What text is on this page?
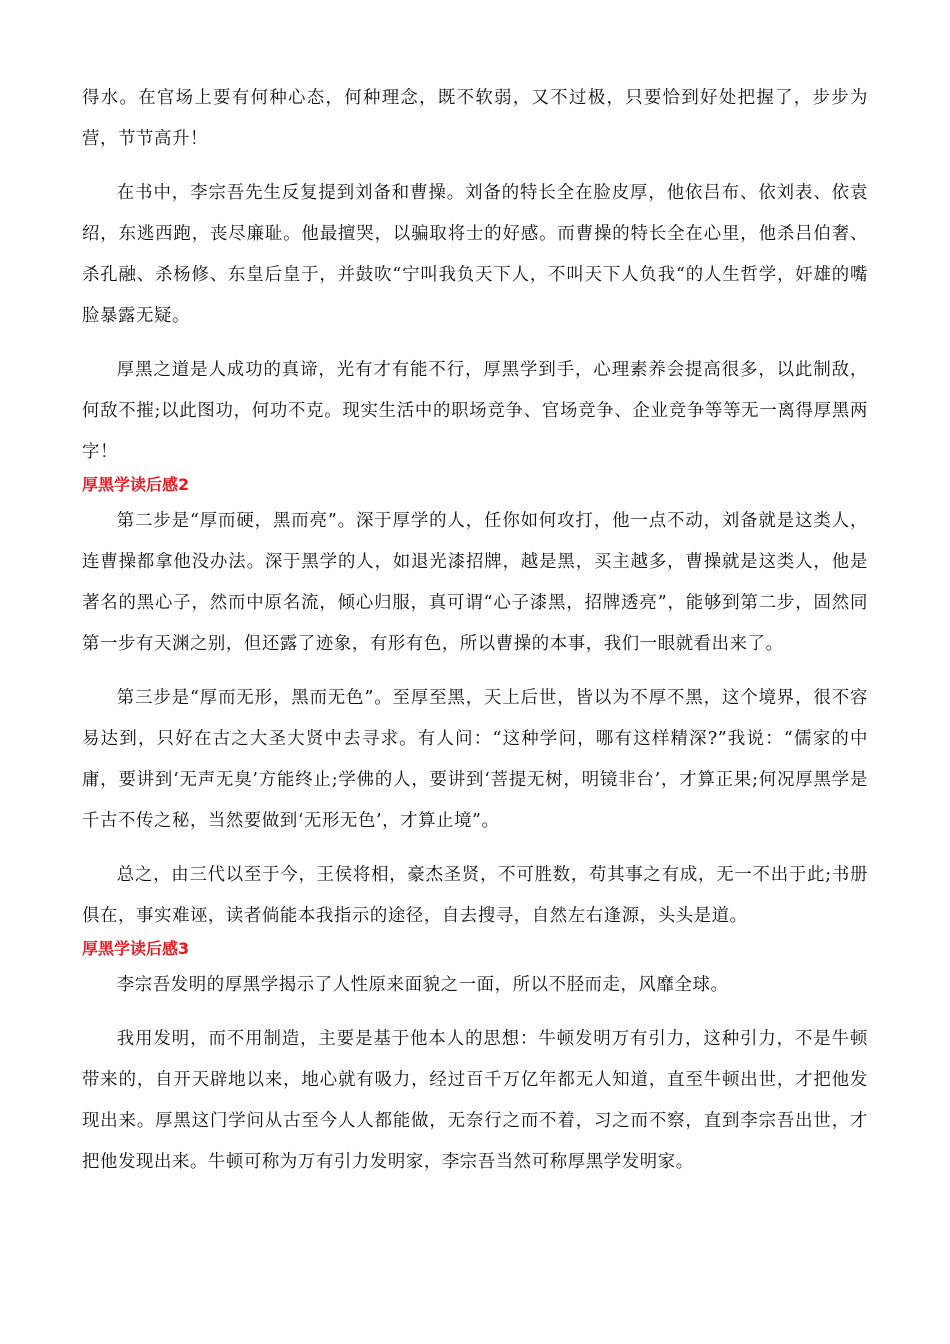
得水。在官场上要有何种心态，何种理念，既不软弱，又不过极，只要恰到好处把握了，步步为营，节节高升！

在书中，李宗吾先生反复提到刘备和曹操。刘备的特长全在脸皮厚，他依吕布、依刘表、依袁绍，东逃西跑，丧尽廉耻。他最擅哭，以骗取将士的好感。而曹操的特长全在心里，他杀吕伯奢、杀孔融、杀杨修、东皇后皇于，并鼓吹“宁叫我负天下人，不叫天下人负我“的人生哲学，奸雄的嘴脸暴露无疑。

厚黑之道是人成功的真谛，光有才有能不行，厚黑学到手，心理素养会提高很多，以此制敌，何敌不摧;以此图功，何功不克。现实生活中的职场竞争、官场竞争、企业竞争等等无一离得厚黑两字！

厚黑学读后感2

第二步是“厚而硬，黑而亮”。深于厚学的人，任你如何攻打，他一点不动，刘备就是这类人，连曹操都拿他没办法。深于黑学的人，如退光漆招牌，越是黑，买主越多，曹操就是这类人，他是著名的黑心子，然而中原名流，倾心归服，真可谓“心子漆黑，招牌透亮”，能够到第二步，固然同第一步有天渊之别，但还露了迹象，有形有色，所以曹操的本事，我们一眼就看出来了。

第三步是“厚而无形，黑而无色”。至厚至黑，天上后世，皆以为不厚不黑，这个境界，很不容易达到，只好在古之大圣大贤中去寻求。有人问：“这种学问，哪有这样精深?”我说：“儒家的中庸，要讲到‘无声无臭’方能终止;学佛的人，要讲到‘菩提无树，明镜非台’，才算正果;何况厚黑学是千古不传之秘，当然要做到‘无形无色’，才算止境”。

总之，由三代以至于今，王侯将相，豪杰圣贤，不可胜数，苟其事之有成，无一不出于此;书册俱在，事实难诬，读者倘能本我指示的途径，自去搜寻，自然左右逢源，头头是道。

厚黑学读后感3

李宗吾发明的厚黑学揭示了人性原来面貌之一面，所以不胫而走，风靡全球。

我用发明，而不用制造，主要是基于他本人的思想：牛顿发明万有引力，这种引力，不是牛顿带来的，自开天辟地以来，地心就有吸力，经过百千万亿年都无人知道，直至牛顿出世，才把他发现出来。厚黑这门学问从古至今人人都能做，无奈行之而不着，习之而不察，直到李宗吾出世，才把他发现出来。牛顿可称为万有引力发明家，李宗吾当然可称厚黑学发明家。
